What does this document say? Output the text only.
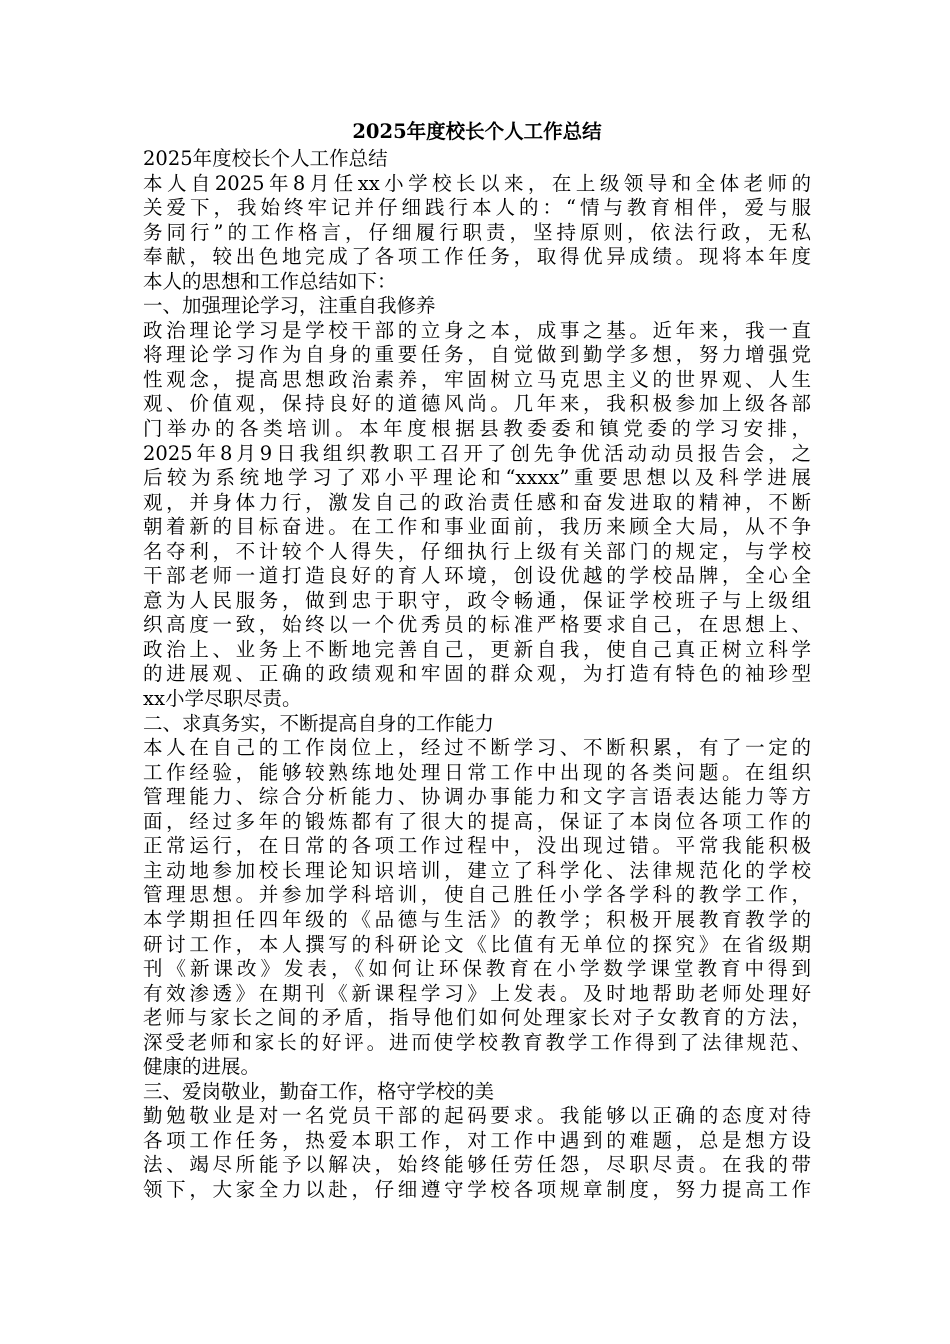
2025年度校长个人工作总结
2025年度校长个人工作总结
本人自2025年8月任xx小学校长以来，在上级领导和全体老师的
关爱下，我始终牢记并仔细践行本人的：“情与教育相伴，爱与服
务同行”的工作格言，仔细履行职责，坚持原则，依法行政，无私
奉献，较出色地完成了各项工作任务，取得优异成绩。现将本年度
本人的思想和工作总结如下：
一、加强理论学习，注重自我修养
政治理论学习是学校干部的立身之本，成事之基。近年来，我一直
将理论学习作为自身的重要任务，自觉做到勤学多想，努力增强党
性观念，提高思想政治素养，牢固树立马克思主义的世界观、人生
观、价值观，保持良好的道德风尚。几年来，我积极参加上级各部
门举办的各类培训。本年度根据县教委委和镇党委的学习安排，
2025年8月9日我组织教职工召开了创先争优活动动员报告会，之
后较为系统地学习了邓小平理论和“xxxx”重要思想以及科学进展
观，并身体力行，激发自己的政治责任感和奋发进取的精神，不断
朝着新的目标奋进。在工作和事业面前，我历来顾全大局，从不争
名夺利，不计较个人得失，仔细执行上级有关部门的规定，与学校
干部老师一道打造良好的育人环境，创设优越的学校品牌，全心全
意为人民服务，做到忠于职守，政令畅通，保证学校班子与上级组
织高度一致，始终以一个优秀员的标准严格要求自己，在思想上、
政治上、业务上不断地完善自己，更新自我，使自己真正树立科学
的进展观、正确的政绩观和牢固的群众观，为打造有特色的袖珍型
xx小学尽职尽责。
二、求真务实，不断提高自身的工作能力
本人在自己的工作岗位上，经过不断学习、不断积累，有了一定的
工作经验，能够较熟练地处理日常工作中出现的各类问题。在组织
管理能力、综合分析能力、协调办事能力和文字言语表达能力等方
面，经过多年的锻炼都有了很大的提高，保证了本岗位各项工作的
正常运行，在日常的各项工作过程中，没出现过错。平常我能积极
主动地参加校长理论知识培训，建立了科学化、法律规范化的学校
管理思想。并参加学科培训，使自己胜任小学各学科的教学工作，
本学期担任四年级的《品德与生活》的教学；积极开展教育教学的
研讨工作，本人撰写的科研论文《比值有无单位的探究》在省级期
刊《新课改》发表，《如何让环保教育在小学数学课堂教育中得到
有效渗透》在期刊《新课程学习》上发表。及时地帮助老师处理好
老师与家长之间的矛盾，指导他们如何处理家长对子女教育的方法，
深受老师和家长的好评。进而使学校教育教学工作得到了法律规范、
健康的进展。
三、爱岗敬业，勤奋工作，格守学校的美
勤勉敬业是对一名党员干部的起码要求。我能够以正确的态度对待
各项工作任务，热爱本职工作，对工作中遇到的难题，总是想方设
法、竭尽所能予以解决，始终能够任劳任怨，尽职尽责。在我的带
领下，大家全力以赴，仔细遵守学校各项规章制度，努力提高工作
